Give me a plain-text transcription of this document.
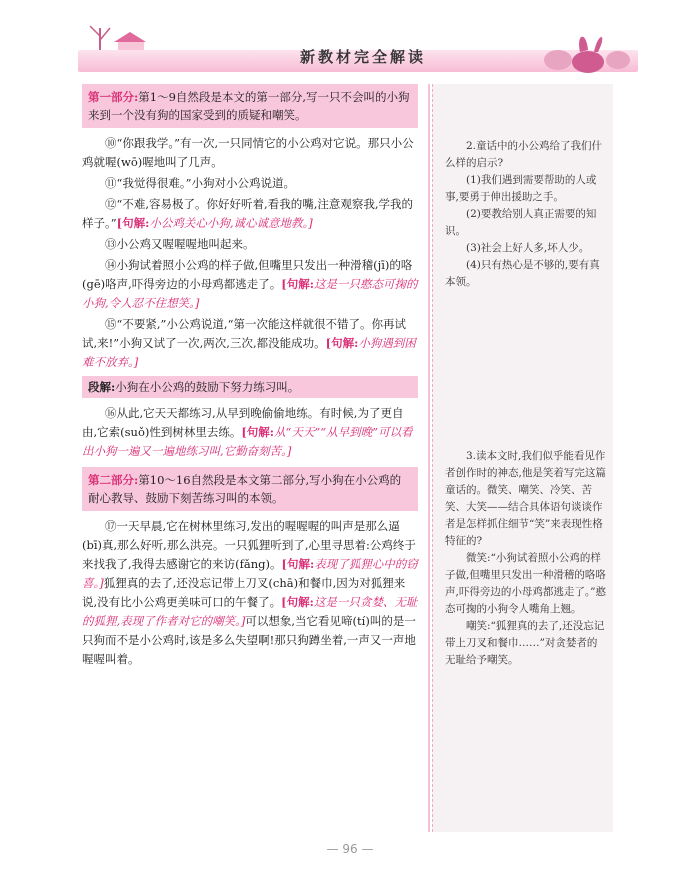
新教材完全解读
第一部分:第1～9自然段是本文的第一部分,写一只不会叫的小狗来到一个没有狗的国家受到的质疑和嘲笑。

⑩“你跟我学。”有一次,一只同情它的小公鸡对它说。那只小公鸡就喔(wō)喔地叫了几声。

⑪“我觉得很难。”小狗对小公鸡说道。

⑫“不难,容易极了。你好好听着,看我的嘴,注意观察我,学我的样子。”[句解:小公鸡关心小狗,诚心诚意地教。]

⑬小公鸡又喔喔喔地叫起来。

⑭小狗试着照小公鸡的样子做,但嘴里只发出一种滑稽(jī)的咯(gē)咯声,吓得旁边的小母鸡都逃走了。[句解:这是一只憨态可掬的小狗,令人忍不住想笑。]

⑮“不要紧,”小公鸡说道,“第一次能这样就很不错了。你再试试,来!”小狗又试了一次,两次,三次,都没能成功。[句解:小狗遇到困难不放弃。]

段解:小狗在小公鸡的鼓励下努力练习叫。

⑯从此,它天天都练习,从早到晚偷偷地练。有时候,为了更自由,它索(suǒ)性到树林里去练。[句解:从“天天”“从早到晚”可以看出小狗一遍又一遍地练习叫,它勤奋刻苦。]

第二部分:第10～16自然段是本文第二部分,写小狗在小公鸡的耐心教导、鼓励下刻苦练习叫的本领。

⑰一天早晨,它在树林里练习,发出的喔喔喔的叫声是那么逼(bī)真,那么好听,那么洪亮。一只狐狸听到了,心里寻思着:公鸡终于来找我了,我得去感谢它的来访(fǎng)。[句解:表现了狐狸心中的窃喜。]狐狸真的去了,还没忘记带上刀叉(chā)和餐巾,因为对狐狸来说,没有比小公鸡更美味可口的午餐了。[句解:这是一只贪婪、无耻的狐狸,表现了作者对它的嘲笑。]可以想象,当它看见啼(tí)叫的是一只狗而不是小公鸡时,该是多么失望啊!那只狗蹲坐着,一声又一声地喔喔叫着。

2.童话中的小公鸡给了我们什么样的启示?

(1)我们遇到需要帮助的人或事,要勇于伸出援助之手。

(2)要教给别人真正需要的知识。

(3)社会上好人多,坏人少。

(4)只有热心是不够的,要有真本领。

3.读本文时,我们似乎能看见作者创作时的神态,他是笑着写完这篇童话的。微笑、嘲笑、冷笑、苦笑、大笑——结合具体语句谈谈作者是怎样抓住细节“笑”来表现性格特征的?

微笑:“小狗试着照小公鸡的样子做,但嘴里只发出一种滑稽的咯咯声,吓得旁边的小母鸡都逃走了。”憨态可掬的小狗令人嘴角上翘。

嘲笑:“狐狸真的去了,还没忘记带上刀叉和餐巾……”对贪婪者的无耻给予嘲笑。

— 96 —
